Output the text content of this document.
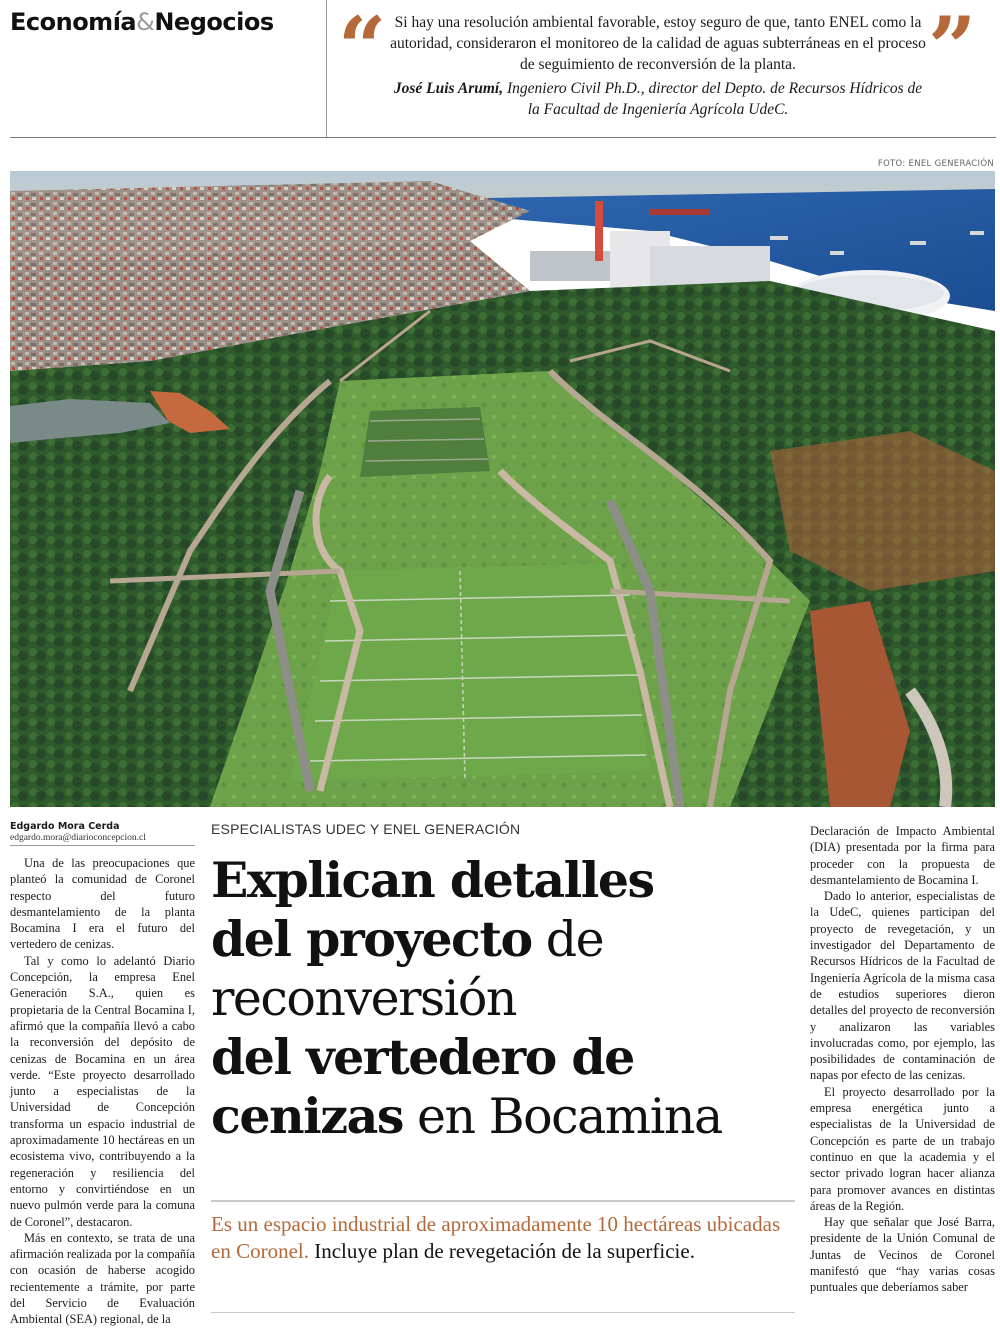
Economía&Negocios “ Si hay una resolución ambiental favorable, estoy seguro de que, tanto ENEL como la autoridad, consideraron el monitoreo de la calidad de aguas subterráneas en el proceso de seguimiento de reconversión de la planta.
José Luis Arumí, Ingeniero Civil Ph.D., director del Depto. de Recursos Hídricos de la Facultad de Ingeniería Agrícola UdeC.
”
FOTO: ENEL GENERACIÓN
Edgardo Mora Cerda
edgardo.mora@diarioconcepcion.cl

Una de las preocupaciones que planteó la comunidad de Coronel respecto del futuro desmantelamiento de la planta Bocamina I era el futuro del vertedero de cenizas.

Tal y como lo adelantó Diario Concepción, la empresa Enel Generación S.A., quien es propietaria de la Central Bocamina I, afirmó que la compañía llevó a cabo la reconversión del depósito de cenizas de Bocamina en un área verde. “Este proyecto desarrollado junto a especialistas de la Universidad de Concepción transforma un espacio industrial de aproximadamente 10 hectáreas en un ecosistema vivo, contribuyendo a la regeneración y resiliencia del entorno y convirtiéndose en un nuevo pulmón verde para la comuna de Coronel”, destacaron.

Más en contexto, se trata de una afirmación realizada por la compañía con ocasión de haberse acogido recientemente a trámite, por parte del Servicio de Evaluación Ambiental (SEA) regional, de la

ESPECIALISTAS UDEC Y ENEL GENERACIÓN
Explican detalles
del proyecto de
reconversión
del vertedero de
cenizas en Bocamina
Es un espacio industrial de aproximadamente 10 hectáreas ubicadas en Coronel. Incluye plan de revegetación de la superficie.

Declaración de Impacto Ambiental (DIA) presentada por la firma para proceder con la propuesta de desmantelamiento de Bocamina I.

Dado lo anterior, especialistas de la UdeC, quienes participan del proyecto de revegetación, y un investigador del Departamento de Recursos Hídricos de la Facultad de Ingeniería Agrícola de la misma casa de estudios superiores dieron detalles del proyecto de reconversión y analizaron las variables involucradas como, por ejemplo, las posibilidades de contaminación de napas por efecto de las cenizas.

El proyecto desarrollado por la empresa energética junto a especialistas de la Universidad de Concepción es parte de un trabajo continuo en que la academia y el sector privado logran hacer alianza para promover avances en distintas áreas de la Región.

Hay que señalar que José Barra, presidente de la Unión Comunal de Juntas de Vecinos de Coronel manifestó que “hay varias cosas puntuales que deberíamos saber
